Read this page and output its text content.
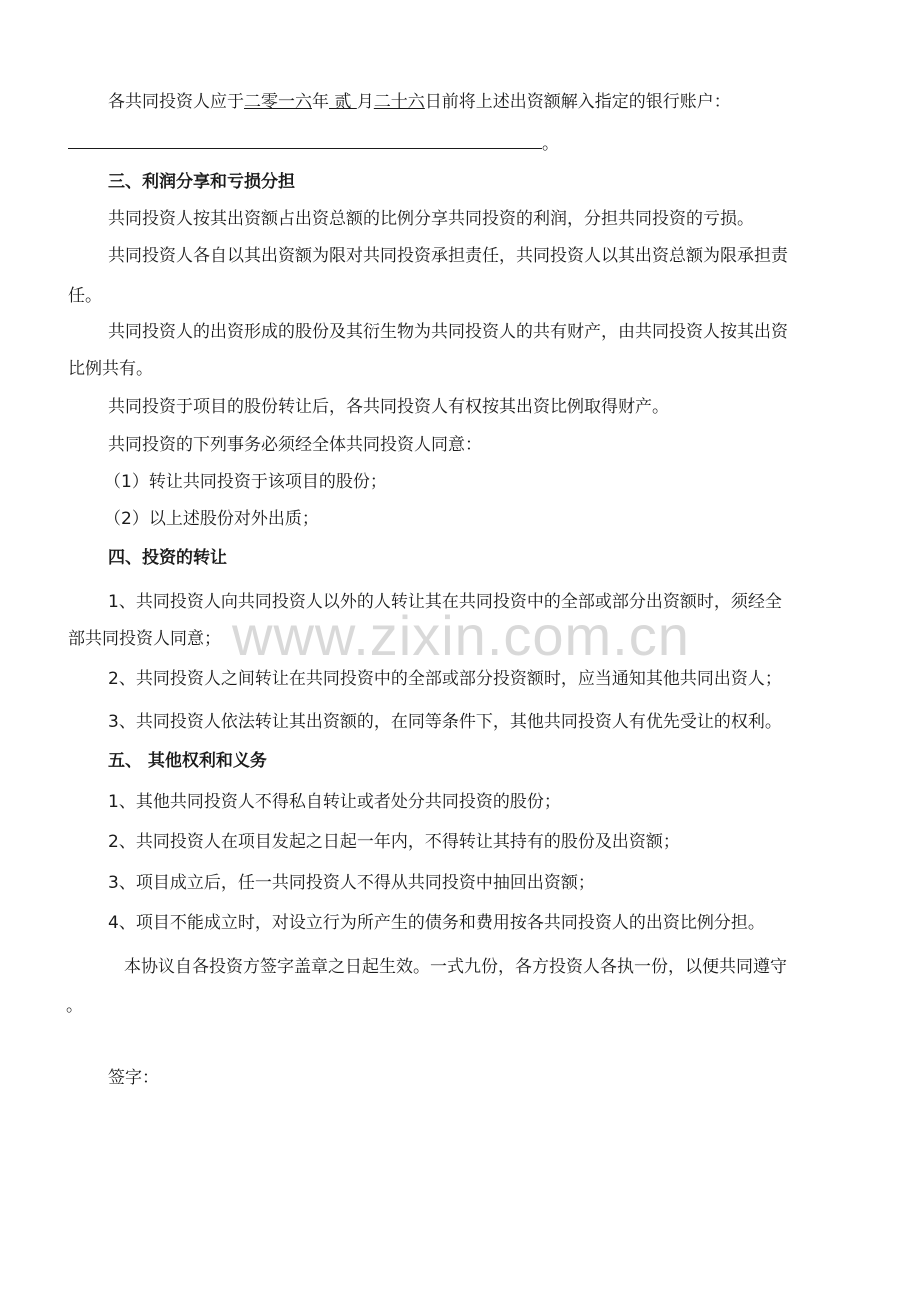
各共同投资人应于二零一六年 贰 月二十六日前将上述出资额解入指定的银行账户：
。
三、利润分享和亏损分担
共同投资人按其出资额占出资总额的比例分享共同投资的利润，分担共同投资的亏损。
共同投资人各自以其出资额为限对共同投资承担责任，共同投资人以其出资总额为限承担责
任。
共同投资人的出资形成的股份及其衍生物为共同投资人的共有财产，由共同投资人按其出资
比例共有。
共同投资于项目的股份转让后，各共同投资人有权按其出资比例取得财产。
共同投资的下列事务必须经全体共同投资人同意：
（1）转让共同投资于该项目的股份；
（2）以上述股份对外出质；
四、投资的转让
1、共同投资人向共同投资人以外的人转让其在共同投资中的全部或部分出资额时，须经全
部共同投资人同意；
2、共同投资人之间转让在共同投资中的全部或部分投资额时，应当通知其他共同出资人；
3、共同投资人依法转让其出资额的，在同等条件下，其他共同投资人有优先受让的权利。
五、 其他权利和义务
1、其他共同投资人不得私自转让或者处分共同投资的股份；
2、共同投资人在项目发起之日起一年内，不得转让其持有的股份及出资额；
3、项目成立后，任一共同投资人不得从共同投资中抽回出资额；
4、项目不能成立时，对设立行为所产生的债务和费用按各共同投资人的出资比例分担。
本协议自各投资方签字盖章之日起生效。一式九份，各方投资人各执一份，以便共同遵守
。
签字：
www.zixin.com.cn
